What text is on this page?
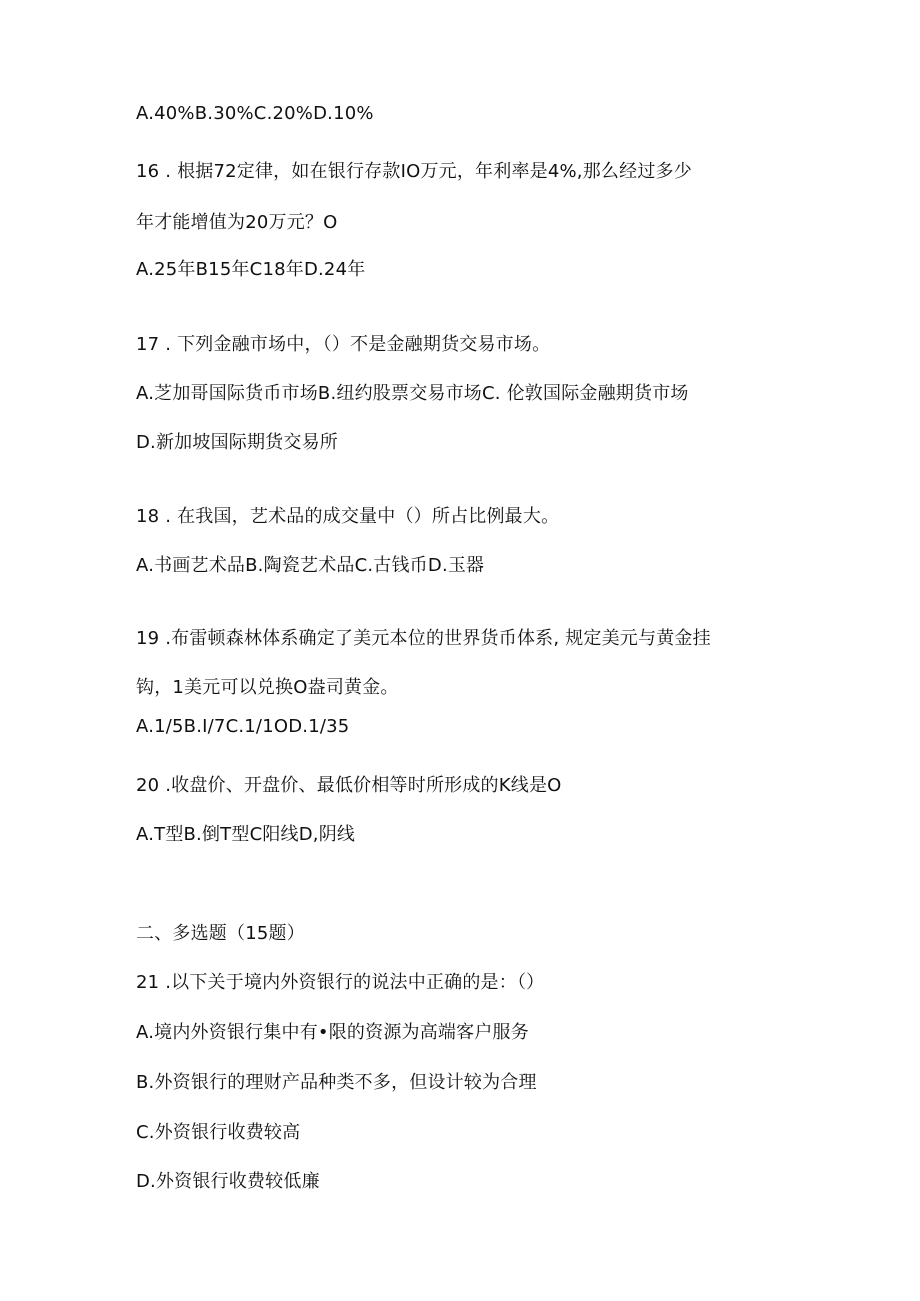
A.40%B.30%C.20%D.10%
16 . 根据72定律，如在银行存款IO万元，年利率是4%,那么经过多少
年才能增值为20万元？O
A.25年B15年C18年D.24年
17 . 下列金融市场中，（）不是金融期货交易市场。
A.芝加哥国际货币市场B.纽约股票交易市场C. 伦敦国际金融期货市场
D.新加坡国际期货交易所
18 . 在我国，艺术品的成交量中（）所占比例最大。
A.书画艺术品B.陶瓷艺术品C.古钱币D.玉器
19 .布雷顿森林体系确定了美元本位的世界货币体系, 规定美元与黄金挂
钩，1美元可以兑换O盎司黄金。
A.1/5B.I/7C.1/1OD.1/35
20 .收盘价、开盘价、最低价相等时所形成的K线是O
A.T型B.倒T型C阳线D,阴线
二、多选题（15题）
21 .以下关于境内外资银行的说法中正确的是：（）
A.境内外资银行集中有•限的资源为高端客户服务
B.外资银行的理财产品种类不多，但设计较为合理
C.外资银行收费较高
D.外资银行收费较低廉
